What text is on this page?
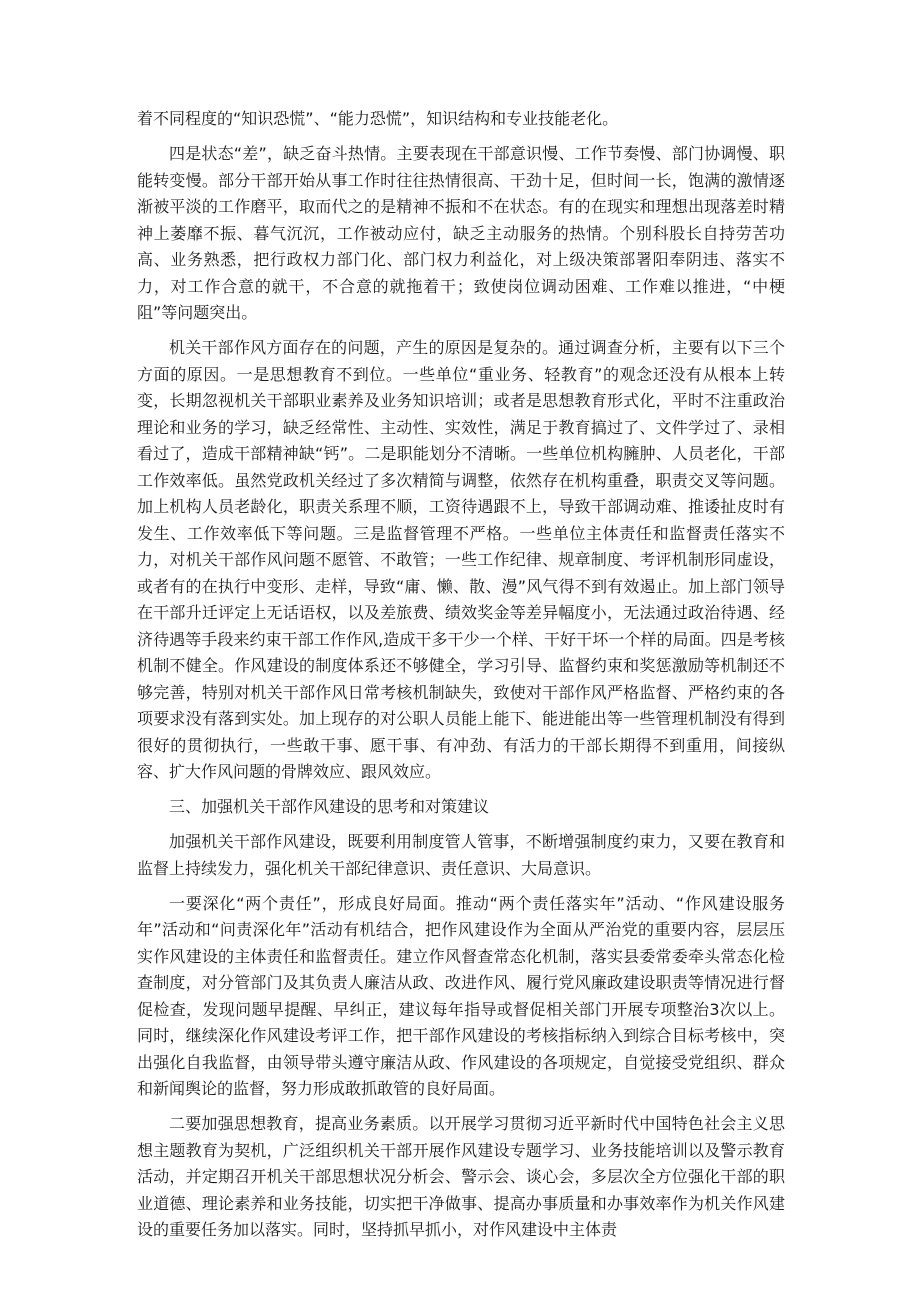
着不同程度的“知识恐慌”、“能力恐慌”，知识结构和专业技能老化。

四是状态“差”，缺乏奋斗热情。主要表现在干部意识慢、工作节奏慢、部门协调慢、职能转变慢。部分干部开始从事工作时往往热情很高、干劲十足，但时间一长，饱满的激情逐渐被平淡的工作磨平，取而代之的是精神不振和不在状态。有的在现实和理想出现落差时精神上萎靡不振、暮气沉沉，工作被动应付，缺乏主动服务的热情。个别科股长自持劳苦功高、业务熟悉，把行政权力部门化、部门权力利益化，对上级决策部署阳奉阴违、落实不力，对工作合意的就干，不合意的就拖着干；致使岗位调动困难、工作难以推进，“中梗阻”等问题突出。

机关干部作风方面存在的问题，产生的原因是复杂的。通过调查分析，主要有以下三个方面的原因。一是思想教育不到位。一些单位“重业务、轻教育”的观念还没有从根本上转变，长期忽视机关干部职业素养及业务知识培训；或者是思想教育形式化，平时不注重政治理论和业务的学习，缺乏经常性、主动性、实效性，满足于教育搞过了、文件学过了、录相看过了，造成干部精神缺“钙”。二是职能划分不清晰。一些单位机构臃肿、人员老化，干部工作效率低。虽然党政机关经过了多次精简与调整，依然存在机构重叠，职责交叉等问题。加上机构人员老龄化，职责关系理不顺，工资待遇跟不上，导致干部调动难、推诿扯皮时有发生、工作效率低下等问题。三是监督管理不严格。一些单位主体责任和监督责任落实不力，对机关干部作风问题不愿管、不敢管；一些工作纪律、规章制度、考评机制形同虚设，或者有的在执行中变形、走样，导致“庸、懒、散、漫”风气得不到有效遏止。加上部门领导在干部升迁评定上无话语权，以及差旅费、绩效奖金等差异幅度小，无法通过政治待遇、经济待遇等手段来约束干部工作作风,造成干多干少一个样、干好干坏一个样的局面。四是考核机制不健全。作风建设的制度体系还不够健全，学习引导、监督约束和奖惩激励等机制还不够完善，特别对机关干部作风日常考核机制缺失，致使对干部作风严格监督、严格约束的各项要求没有落到实处。加上现存的对公职人员能上能下、能进能出等一些管理机制没有得到很好的贯彻执行，一些敢干事、愿干事、有冲劲、有活力的干部长期得不到重用，间接纵容、扩大作风问题的骨牌效应、跟风效应。

三、加强机关干部作风建设的思考和对策建议

加强机关干部作风建设，既要利用制度管人管事，不断增强制度约束力，又要在教育和监督上持续发力，强化机关干部纪律意识、责任意识、大局意识。

一要深化“两个责任”，形成良好局面。推动“两个责任落实年”活动、“作风建设服务年”活动和“问责深化年”活动有机结合，把作风建设作为全面从严治党的重要内容，层层压实作风建设的主体责任和监督责任。建立作风督查常态化机制，落实县委常委牵头常态化检查制度，对分管部门及其负责人廉洁从政、改进作风、履行党风廉政建设职责等情况进行督促检查，发现问题早提醒、早纠正，建议每年指导或督促相关部门开展专项整治3次以上。同时，继续深化作风建设考评工作，把干部作风建设的考核指标纳入到综合目标考核中，突出强化自我监督，由领导带头遵守廉洁从政、作风建设的各项规定，自觉接受党组织、群众和新闻舆论的监督，努力形成敢抓敢管的良好局面。

二要加强思想教育，提高业务素质。以开展学习贯彻习近平新时代中国特色社会主义思想主题教育为契机，广泛组织机关干部开展作风建设专题学习、业务技能培训以及警示教育活动，并定期召开机关干部思想状况分析会、警示会、谈心会，多层次全方位强化干部的职业道德、理论素养和业务技能，切实把干净做事、提高办事质量和办事效率作为机关作风建设的重要任务加以落实。同时，坚持抓早抓小，对作风建设中主体责
